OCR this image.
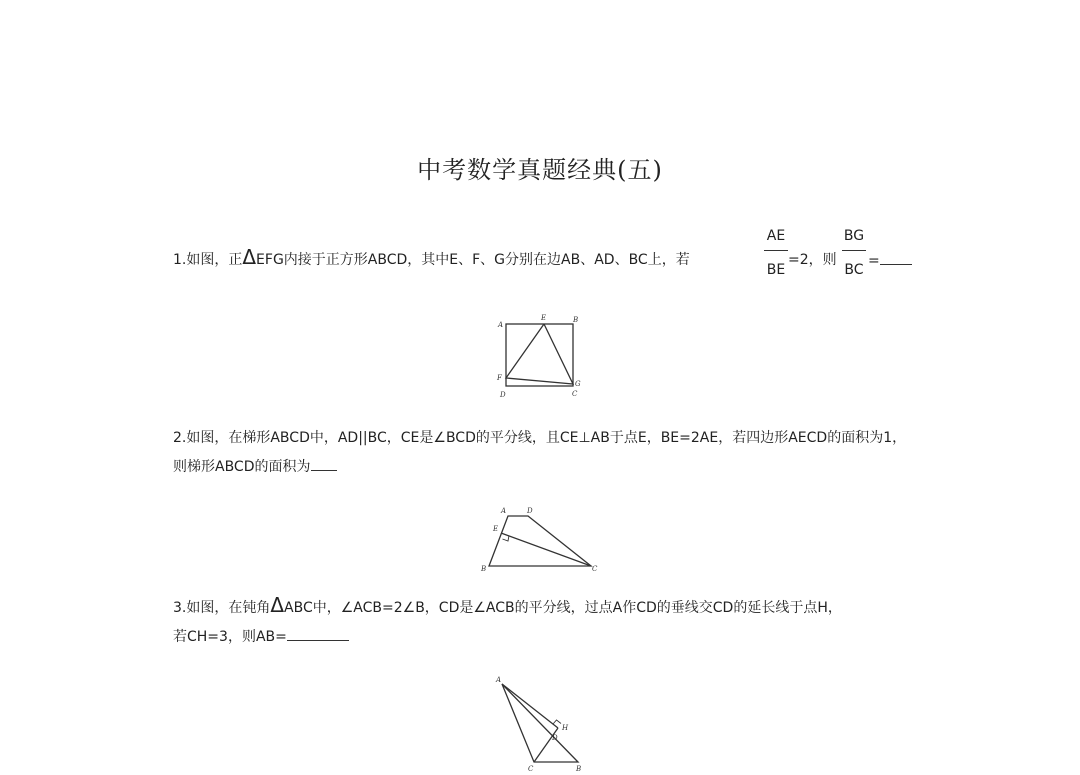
中考数学真题经典(五)
1.如图，正ΔEFG内接于正方形ABCD，其中E、F、G分别在边AB、AD、BC上，若
AE
BE
=2，则
BG
BC
=
A
E	B
F
G
D	C
2.如图，在梯形ABCD中，AD||BC，CE是∠BCD的平分线，且CE⊥AB于点E，BE=2AE，若四边形AECD的面积为1，
则梯形ABCD的面积为
A	D
E
B	C
3.如图，在钝角ΔABC中，∠ACB=2∠B，CD是∠ACB的平分线，过点A作CD的垂线交CD的延长线于点H，
若CH=3，则AB=
A
H
D
C	B
